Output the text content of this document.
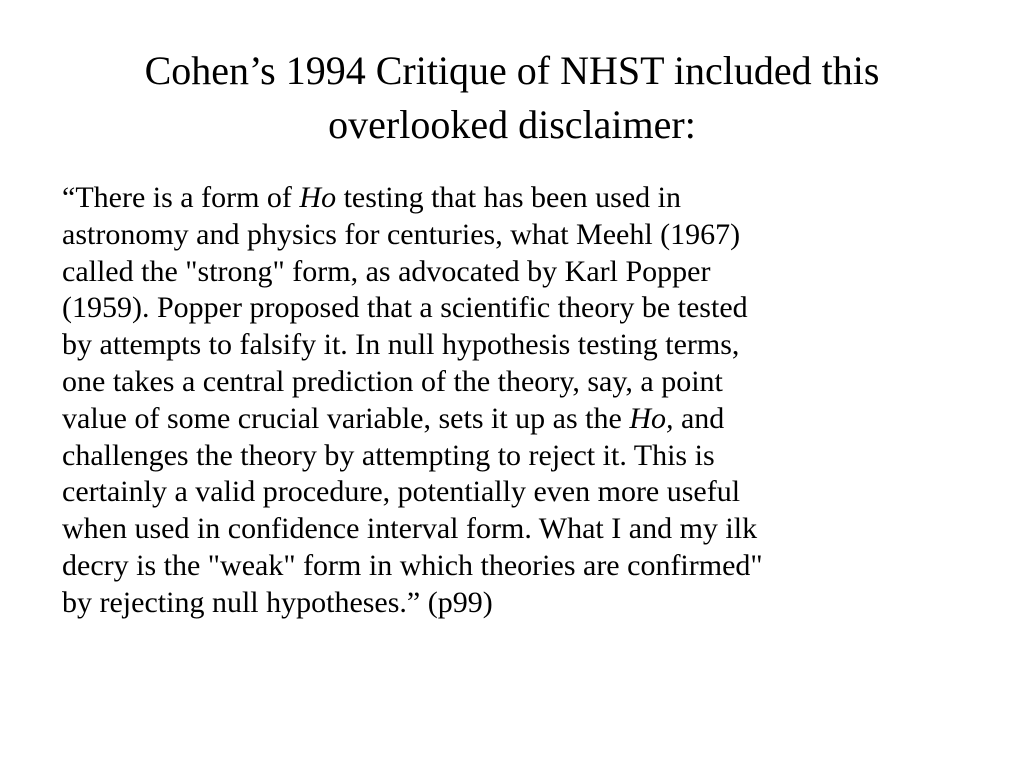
Cohen’s 1994 Critique of NHST included this
overlooked disclaimer:
“There is a form of Ho testing that has been used in
astronomy and physics for centuries, what Meehl (1967)
called the "strong" form, as advocated by Karl Popper
(1959). Popper proposed that a scientific theory be tested
by attempts to falsify it. In null hypothesis testing terms,
one takes a central prediction of the theory, say, a point
value of some crucial variable, sets it up as the Ho, and
challenges the theory by attempting to reject it. This is
certainly a valid procedure, potentially even more useful
when used in confidence interval form. What I and my ilk
decry is the "weak" form in which theories are confirmed"
by rejecting null hypotheses.” (p99)
